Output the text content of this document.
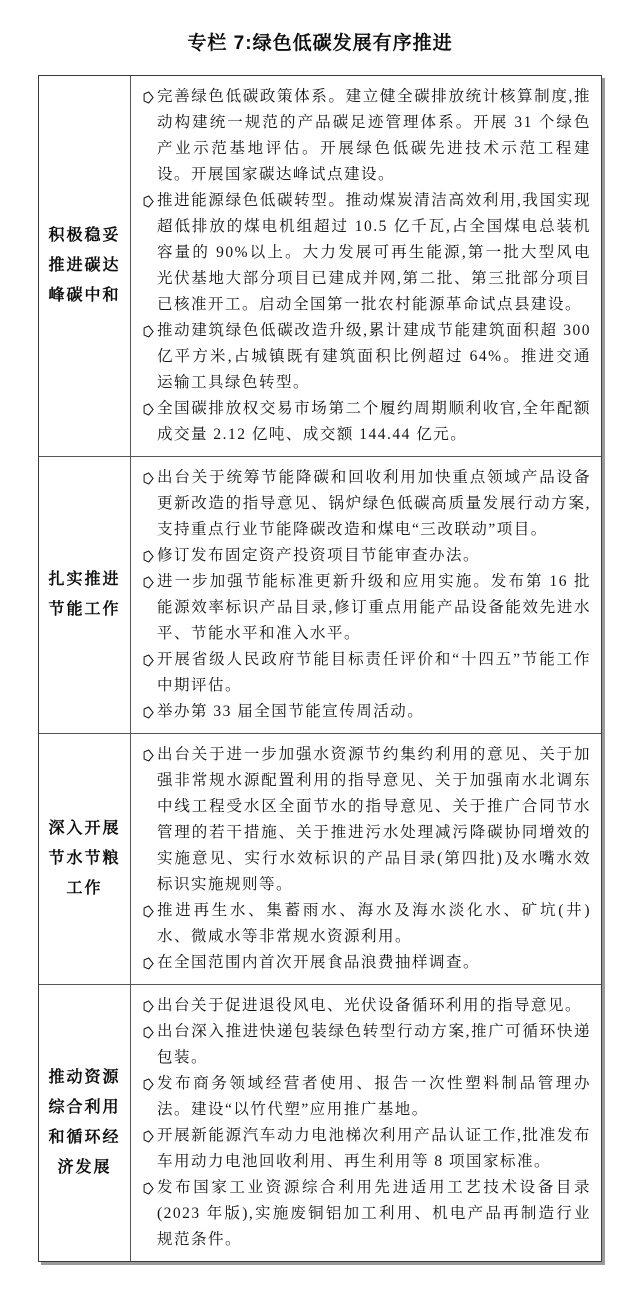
专栏 7:绿色低碳发展有序推进
积极稳妥推进碳达峰碳中和
完善绿色低碳政策体系。建立健全碳排放统计核算制度,推动构建统一规范的产品碳足迹管理体系。开展 31 个绿色产业示范基地评估。开展绿色低碳先进技术示范工程建设。开展国家碳达峰试点建设。
推进能源绿色低碳转型。推动煤炭清洁高效利用,我国实现超低排放的煤电机组超过 10.5 亿千瓦,占全国煤电总装机容量的 90%以上。大力发展可再生能源,第一批大型风电光伏基地大部分项目已建成并网,第二批、第三批部分项目已核准开工。启动全国第一批农村能源革命试点县建设。
推动建筑绿色低碳改造升级,累计建成节能建筑面积超 300 亿平方米,占城镇既有建筑面积比例超过 64%。推进交通运输工具绿色转型。
全国碳排放权交易市场第二个履约周期顺利收官,全年配额成交量 2.12 亿吨、成交额 144.44 亿元。
扎实推进节能工作
出台关于统筹节能降碳和回收利用加快重点领域产品设备更新改造的指导意见、锅炉绿色低碳高质量发展行动方案,支持重点行业节能降碳改造和煤电“三改联动”项目。
修订发布固定资产投资项目节能审查办法。
进一步加强节能标准更新升级和应用实施。发布第 16 批能源效率标识产品目录,修订重点用能产品设备能效先进水平、节能水平和准入水平。
开展省级人民政府节能目标责任评价和“十四五”节能工作中期评估。
举办第 33 届全国节能宣传周活动。
深入开展节水节粮工作
出台关于进一步加强水资源节约集约利用的意见、关于加强非常规水源配置利用的指导意见、关于加强南水北调东中线工程受水区全面节水的指导意见、关于推广合同节水管理的若干措施、关于推进污水处理减污降碳协同增效的实施意见、实行水效标识的产品目录(第四批)及水嘴水效标识实施规则等。
推进再生水、集蓄雨水、海水及海水淡化水、矿坑(井)水、微咸水等非常规水资源利用。
在全国范围内首次开展食品浪费抽样调查。
推动资源综合利用和循环经济发展
出台关于促进退役风电、光伏设备循环利用的指导意见。
出台深入推进快递包装绿色转型行动方案,推广可循环快递包装。
发布商务领域经营者使用、报告一次性塑料制品管理办法。建设“以竹代塑”应用推广基地。
开展新能源汽车动力电池梯次利用产品认证工作,批准发布车用动力电池回收利用、再生利用等 8 项国家标准。
发布国家工业资源综合利用先进适用工艺技术设备目录(2023 年版),实施废铜铝加工利用、机电产品再制造行业规范条件。
